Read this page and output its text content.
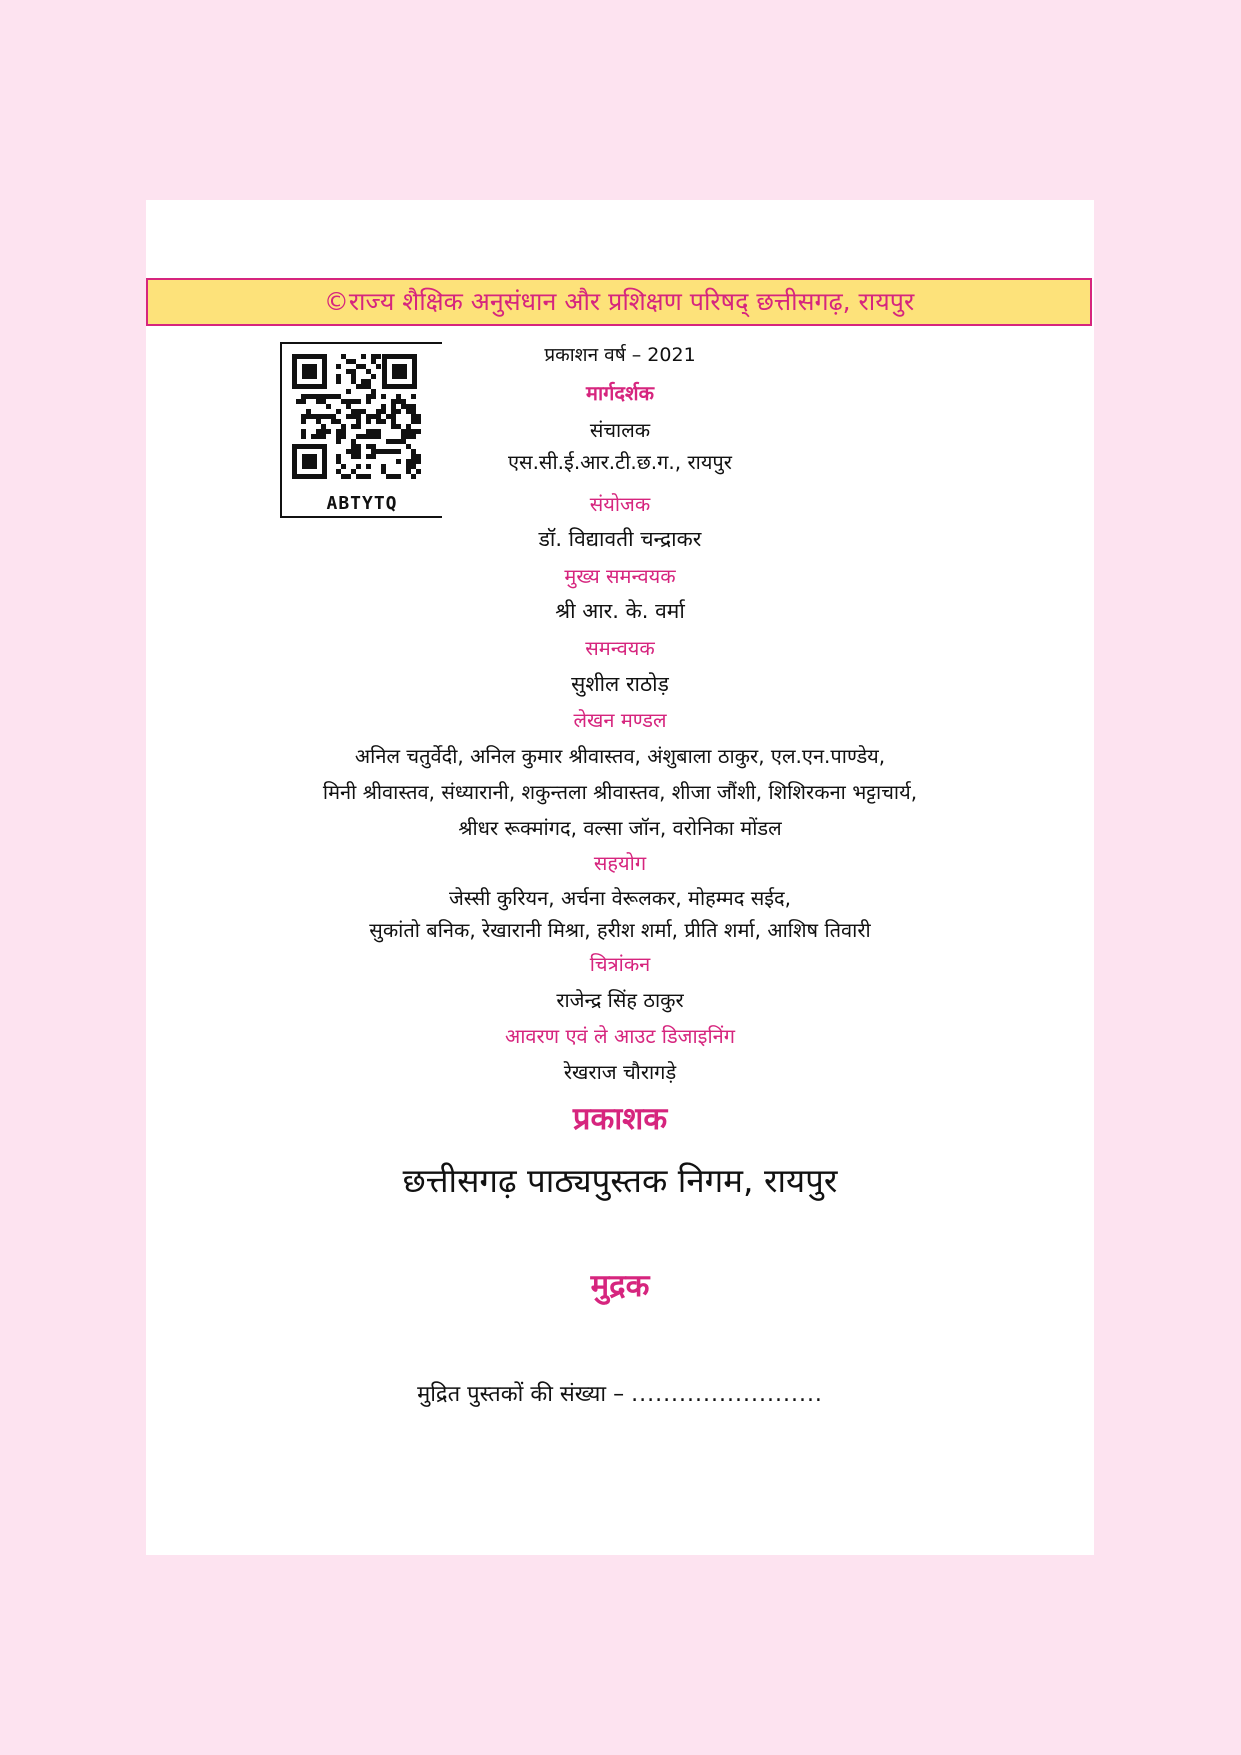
©राज्य शैक्षिक अनुसंधान और प्रशिक्षण परिषद् छत्तीसगढ़, रायपुर
ABTYTQ
प्रकाशन वर्ष – 2021
मार्गदर्शक
संचालक
एस.सी.ई.आर.टी.छ.ग., रायपुर
संयोजक
डॉ. विद्यावती चन्द्राकर
मुख्य समन्वयक
श्री आर. के. वर्मा
समन्वयक
सुशील राठोड़
लेखन मण्डल
अनिल चतुर्वेदी, अनिल कुमार श्रीवास्तव, अंशुबाला ठाकुर, एल.एन.पाण्डेय,
मिनी श्रीवास्तव, संध्यारानी, शकुन्तला श्रीवास्तव, शीजा जौंशी, शिशिरकना भट्टाचार्य,
श्रीधर रूक्मांगद, वल्सा जॉन, वरोनिका मोंडल
सहयोग
जेस्सी कुरियन, अर्चना वेरूलकर, मोहम्मद सईद,
सुकांतो बनिक, रेखारानी मिश्रा, हरीश शर्मा, प्रीति शर्मा, आशिष तिवारी
चित्रांकन
राजेन्द्र सिंह ठाकुर
आवरण एवं ले आउट डिजाइनिंग
रेखराज चौरागड़े
प्रकाशक
छत्तीसगढ़ पाठ्यपुस्तक निगम, रायपुर
मुद्रक
मुद्रित पुस्तकों की संख्या – ........................
